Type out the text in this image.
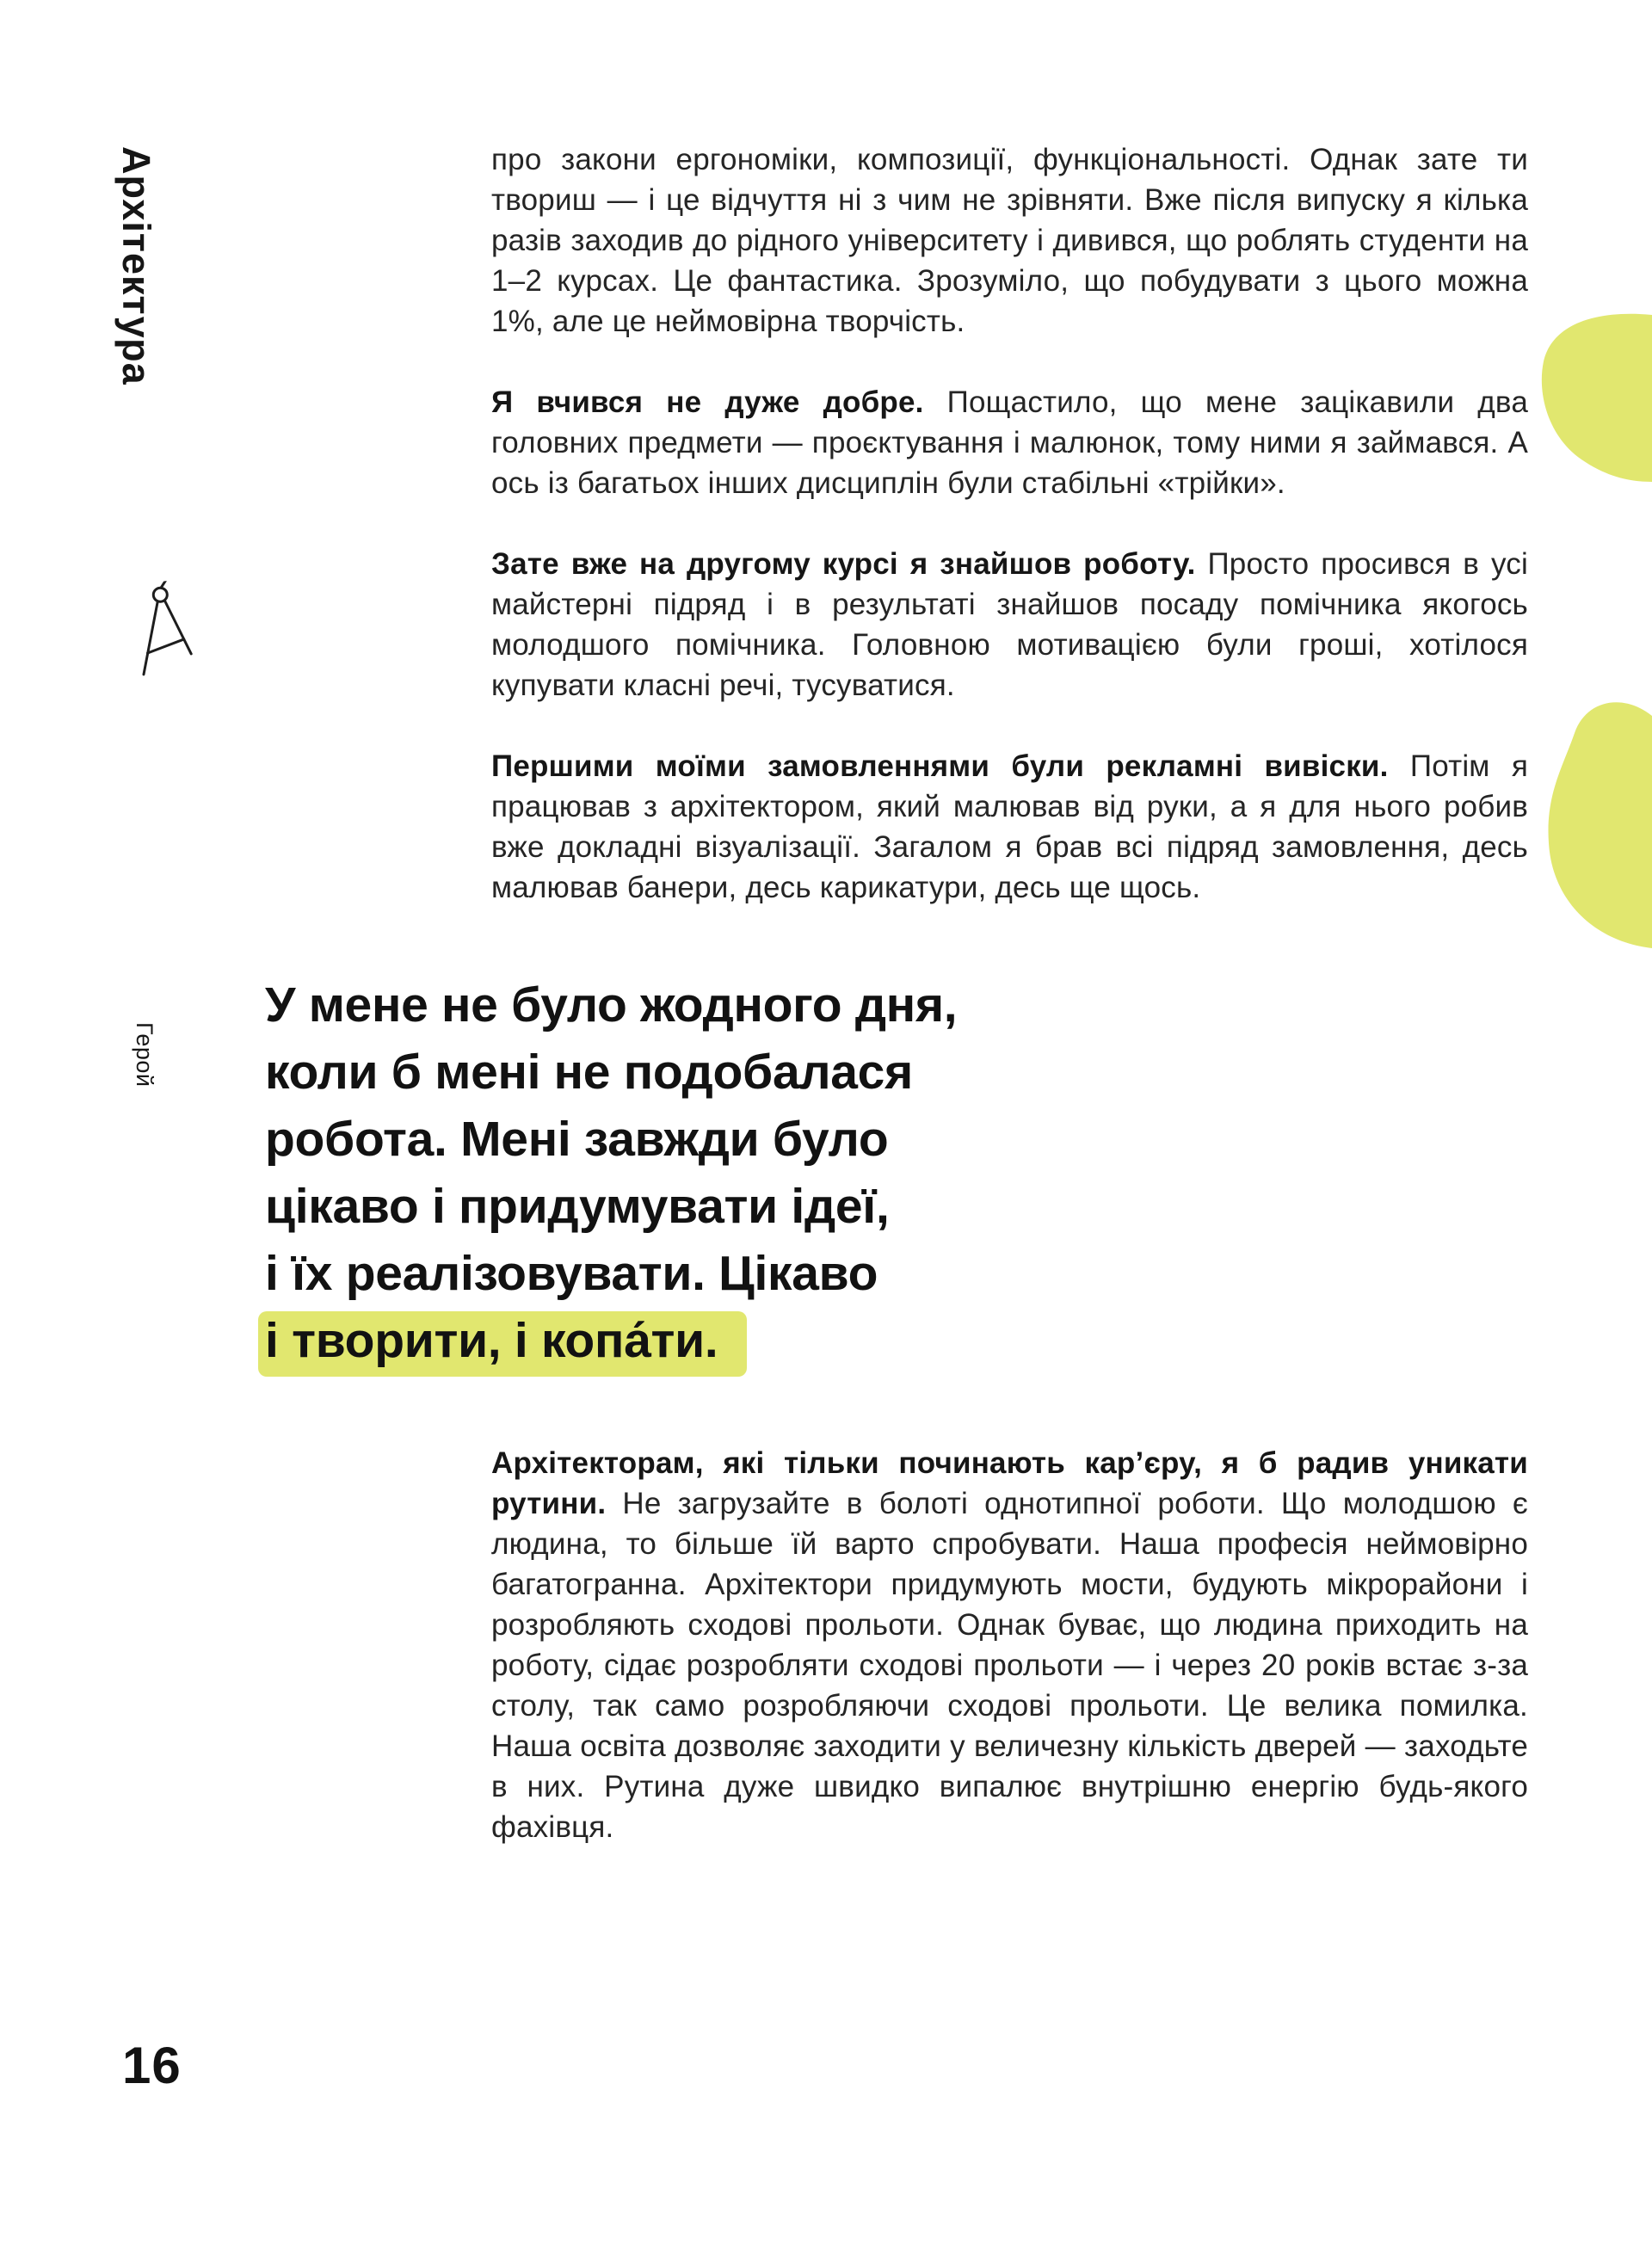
Архітектура
Герой
16

про закони ергономіки, композиції, функціональності. Однак зате ти твориш — і це відчуття ні з чим не зрівняти. Вже після випуску я кілька разів заходив до рідного університету і дивився, що роблять студенти на 1–2 курсах. Це фантастика. Зрозуміло, що побудувати з цього можна 1%, але це неймовірна творчість.

Я вчився не дуже добре. Пощастило, що мене зацікавили два головних предмети — проєктування і малюнок, тому ними я займався. А ось із багатьох інших дисциплін були стабільні «трійки».

Зате вже на другому курсі я знайшов роботу. Просто просився в усі майстерні підряд і в результаті знайшов посаду помічника якогось молодшого помічника. Головною мотивацією були гроші, хотілося купувати класні речі, тусуватися.

Першими моїми замовленнями були рекламні вивіски. Потім я працював з архітектором, який малював від руки, а я для нього робив вже докладні візуалізації. Загалом я брав всі підряд замовлення, десь малював банери, десь карикатури, десь ще щось.

У мене не було жодного дня,
коли б мені не подобалася
робота. Мені завжди було
цікаво і придумувати ідеї,
і їх реалізовувати. Цікаво
і творити, і копа́ти.

Архітекторам, які тільки починають кар’єру, я б радив уникати рутини. Не загрузайте в болоті однотипної роботи. Що молодшою є людина, то більше їй варто спробувати. Наша професія неймовірно багатогранна. Архітектори придумують мости, будують мікрорайони і розробляють сходові прольоти. Однак буває, що людина приходить на роботу, сідає розробляти сходові прольоти — і через 20 років встає з-за столу, так само розробляючи сходові прольоти. Це велика помилка. Наша освіта дозволяє заходити у величезну кількість дверей — заходьте в них. Рутина дуже швидко випалює внутрішню енергію будь-якого фахівця.
